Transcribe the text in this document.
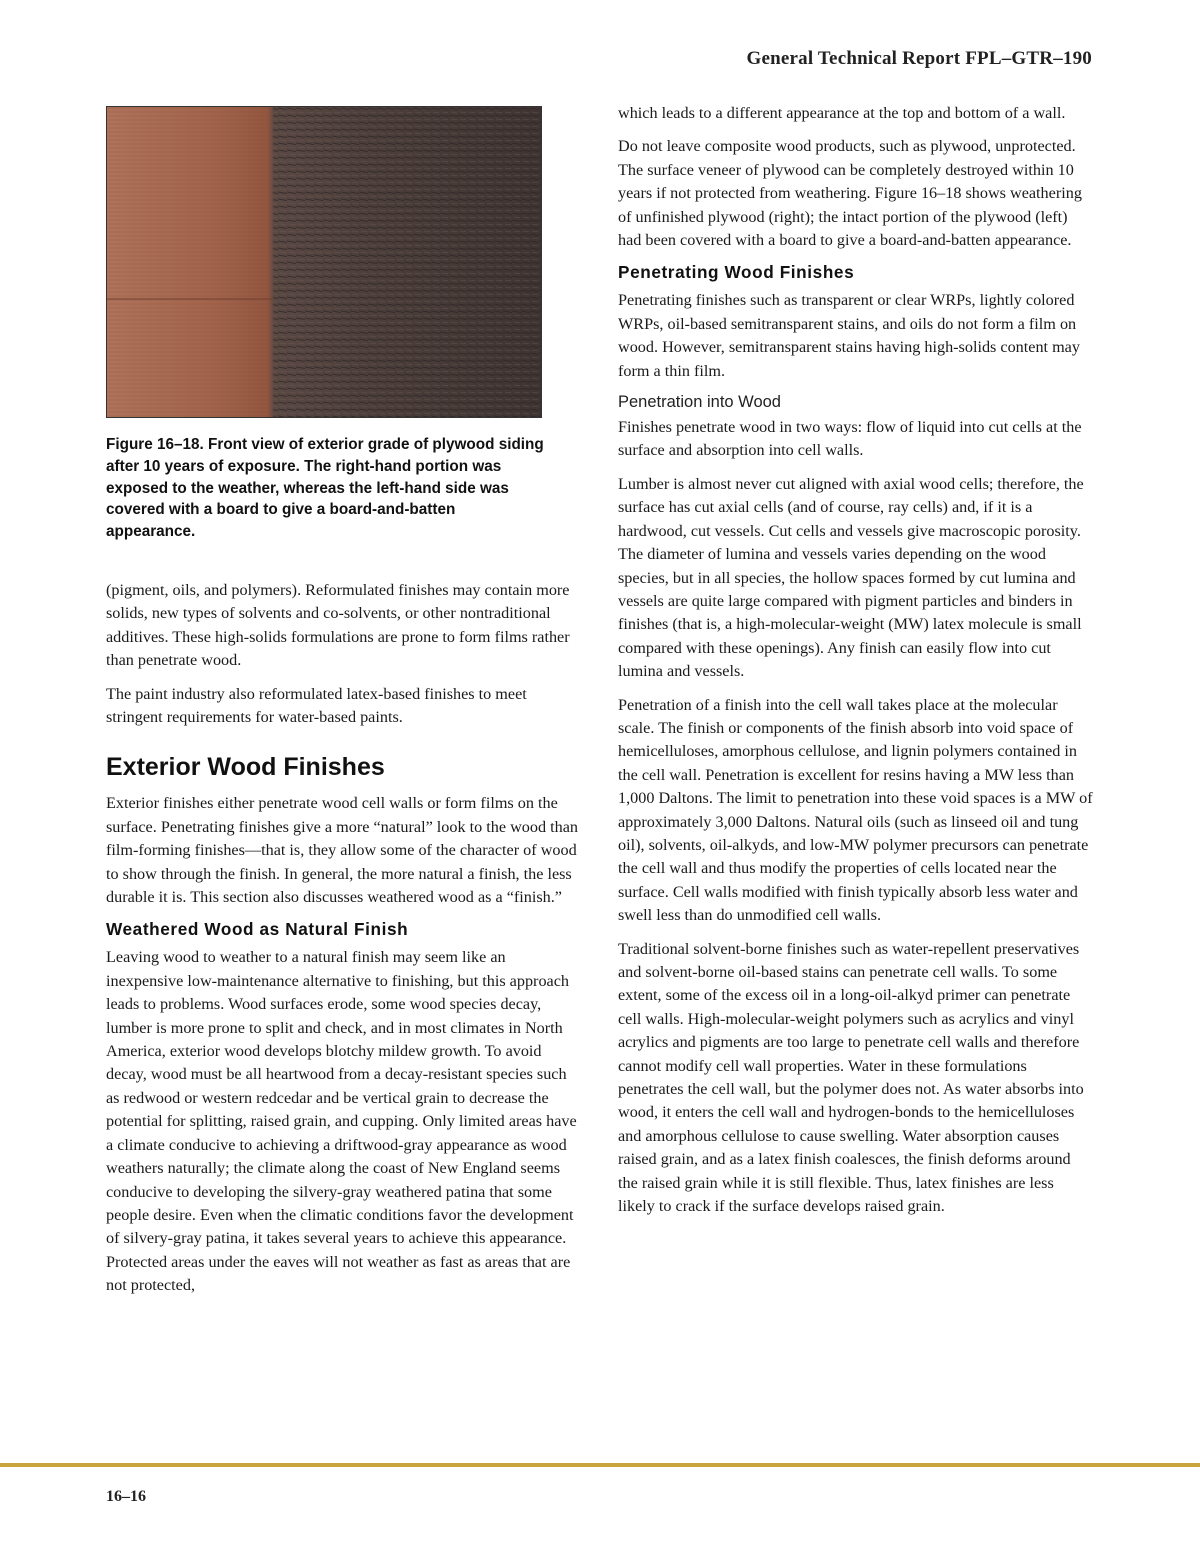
General Technical Report FPL–GTR–190
Figure 16–18. Front view of exterior grade of plywood siding after 10 years of exposure. The right-hand portion was exposed to the weather, whereas the left-hand side was covered with a board to give a board-and-batten appearance.

(pigment, oils, and polymers). Reformulated finishes may contain more solids, new types of solvents and co-solvents, or other nontraditional additives. These high-solids formulations are prone to form films rather than penetrate wood.

The paint industry also reformulated latex-based finishes to meet stringent requirements for water-based paints.

Exterior Wood Finishes

Exterior finishes either penetrate wood cell walls or form films on the surface. Penetrating finishes give a more “natural” look to the wood than film-forming finishes—that is, they allow some of the character of wood to show through the finish. In general, the more natural a finish, the less durable it is. This section also discusses weathered wood as a “finish.”

Weathered Wood as Natural Finish

Leaving wood to weather to a natural finish may seem like an inexpensive low-maintenance alternative to finishing, but this approach leads to problems. Wood surfaces erode, some wood species decay, lumber is more prone to split and check, and in most climates in North America, exterior wood develops blotchy mildew growth. To avoid decay, wood must be all heartwood from a decay-resistant species such as redwood or western redcedar and be vertical grain to decrease the potential for splitting, raised grain, and cupping. Only limited areas have a climate conducive to achieving a driftwood-gray appearance as wood weathers naturally; the climate along the coast of New England seems conducive to developing the silvery-gray weathered patina that some people desire. Even when the climatic conditions favor the development of silvery-gray patina, it takes several years to achieve this appearance. Protected areas under the eaves will not weather as fast as areas that are not protected,

which leads to a different appearance at the top and bottom of a wall.

Do not leave composite wood products, such as plywood, unprotected. The surface veneer of plywood can be completely destroyed within 10 years if not protected from weathering. Figure 16–18 shows weathering of unfinished plywood (right); the intact portion of the plywood (left) had been covered with a board to give a board-and-batten appearance.

Penetrating Wood Finishes

Penetrating finishes such as transparent or clear WRPs, lightly colored WRPs, oil-based semitransparent stains, and oils do not form a film on wood. However, semitransparent stains having high-solids content may form a thin film.

Penetration into Wood

Finishes penetrate wood in two ways: flow of liquid into cut cells at the surface and absorption into cell walls.

Lumber is almost never cut aligned with axial wood cells; therefore, the surface has cut axial cells (and of course, ray cells) and, if it is a hardwood, cut vessels. Cut cells and vessels give macroscopic porosity. The diameter of lumina and vessels varies depending on the wood species, but in all species, the hollow spaces formed by cut lumina and vessels are quite large compared with pigment particles and binders in finishes (that is, a high-molecular-weight (MW) latex molecule is small compared with these openings). Any finish can easily flow into cut lumina and vessels.

Penetration of a finish into the cell wall takes place at the molecular scale. The finish or components of the finish absorb into void space of hemicelluloses, amorphous cellulose, and lignin polymers contained in the cell wall. Penetration is excellent for resins having a MW less than 1,000 Daltons. The limit to penetration into these void spaces is a MW of approximately 3,000 Daltons. Natural oils (such as linseed oil and tung oil), solvents, oil-alkyds, and low-MW polymer precursors can penetrate the cell wall and thus modify the properties of cells located near the surface. Cell walls modified with finish typically absorb less water and swell less than do unmodified cell walls.

Traditional solvent-borne finishes such as water-repellent preservatives and solvent-borne oil-based stains can penetrate cell walls. To some extent, some of the excess oil in a long-oil-alkyd primer can penetrate cell walls. High-molecular-weight polymers such as acrylics and vinyl acrylics and pigments are too large to penetrate cell walls and therefore cannot modify cell wall properties. Water in these formulations penetrates the cell wall, but the polymer does not. As water absorbs into wood, it enters the cell wall and hydrogen-bonds to the hemicelluloses and amorphous cellulose to cause swelling. Water absorption causes raised grain, and as a latex finish coalesces, the finish deforms around the raised grain while it is still flexible. Thus, latex finishes are less likely to crack if the surface develops raised grain.

16–16
